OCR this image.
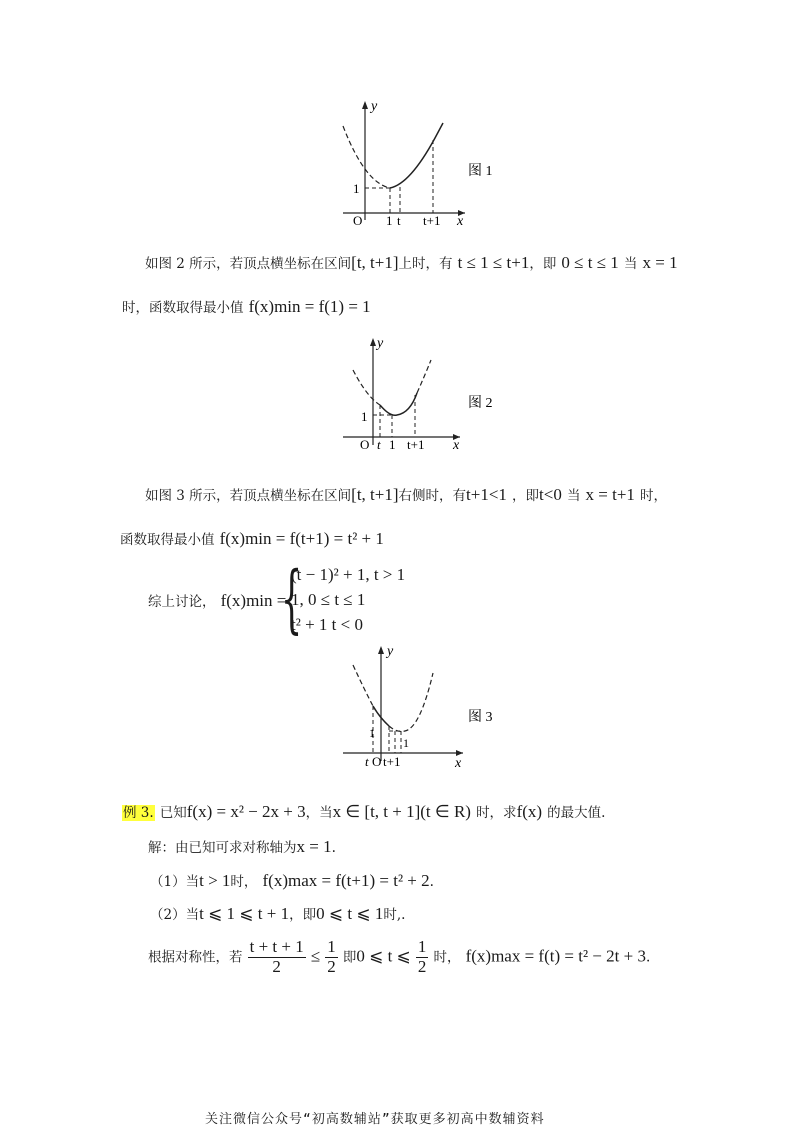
y
x
O
1
1 t t+1
图 1
如图 2 所示，若顶点横坐标在区间[t, t+1]上时，有 t ≤ 1 ≤ t+1，即 0 ≤ t ≤ 1 当 x = 1
时，函数取得最小值 f(x)min = f(1) = 1
y
x
O
1
t 1 t+1
图 2
如图 3 所示，若顶点横坐标在区间[t, t+1]右侧时，有t+1<1 ，即t<0 当 x = t+1 时，
函数取得最小值 f(x)min = f(t+1) = t² + 1
综上讨论， f(x)min =
{
(t − 1)² + 1, t > 1
1, 0 ≤ t ≤ 1
t² + 1 t < 0
y
x
t O t+1
1
1
图 3
例 3. 已知f(x) = x² − 2x + 3，当x ∈ [t, t + 1](t ∈ R) 时，求f(x) 的最大值.
解：由已知可求对称轴为x = 1.
（1）当t > 1时， f(x)max = f(t+1) = t² + 2.
（2）当t ⩽ 1 ⩽ t + 1，即0 ⩽ t ⩽ 1时,.
根据对称性，若 $\frac{t + t + 1}{2} \le \frac{1}{2}$ 即0 ⩽ t ⩽ $\frac{1}{2}$ 时， f(x)max = f(t) = t² − 2t + 3.
关注微信公众号“初高数辅站”获取更多初高中数辅资料
